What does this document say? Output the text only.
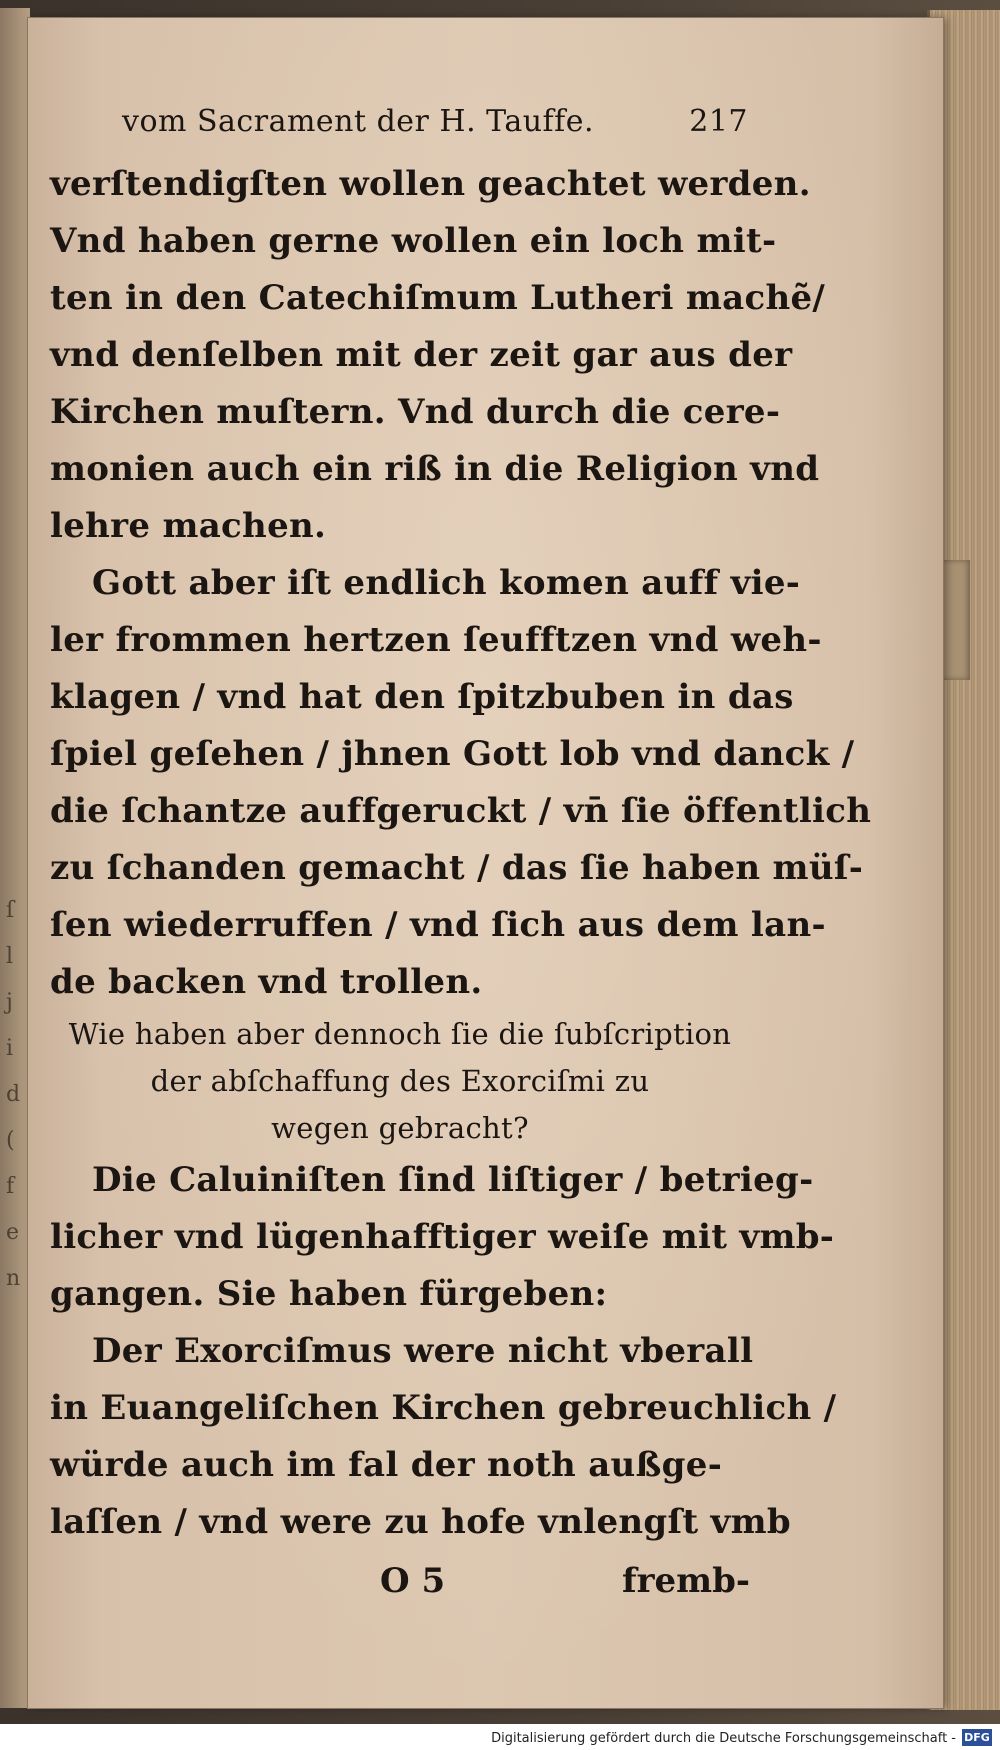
ſ
l
j
i
d
(
f
e
n
vom Sacrament der H. Tauffe.	217
verſtendigſten wollen geachtet werden.
Vnd haben gerne wollen ein loch mit-
ten in den Catechiſmum Lutheri machẽ/
vnd denſelben mit der zeit gar aus der
Kirchen muſtern. Vnd durch die cere-
monien auch ein riß in die Religion vnd
lehre machen.
Gott aber iſt endlich komen auff vie-
ler frommen hertzen ſeufftzen vnd weh-
klagen / vnd hat den ſpitzbuben in das
ſpiel geſehen / jhnen Gott lob vnd danck /
die ſchantze auffgeruckt / vn̄ ſie öffentlich
zu ſchanden gemacht / das ſie haben müſ-
ſen wiederruffen / vnd ſich aus dem lan-
de backen vnd trollen.
Wie haben aber dennoch ſie die ſubſcription
der abſchaffung des Exorciſmi zu
wegen gebracht?
Die Caluiniſten ſind liſtiger / betrieg-
licher vnd lügenhafftiger weiſe mit vmb-
gangen. Sie haben fürgeben:
Der Exorciſmus were nicht vberall
in Euangeliſchen Kirchen gebreuchlich /
würde auch im fal der noth außge-
laſſen / vnd were zu hofe vnlengſt vmb
O 5	fremb-
Digitalisierung gefördert durch die Deutsche Forschungsgemeinschaft - DFG
